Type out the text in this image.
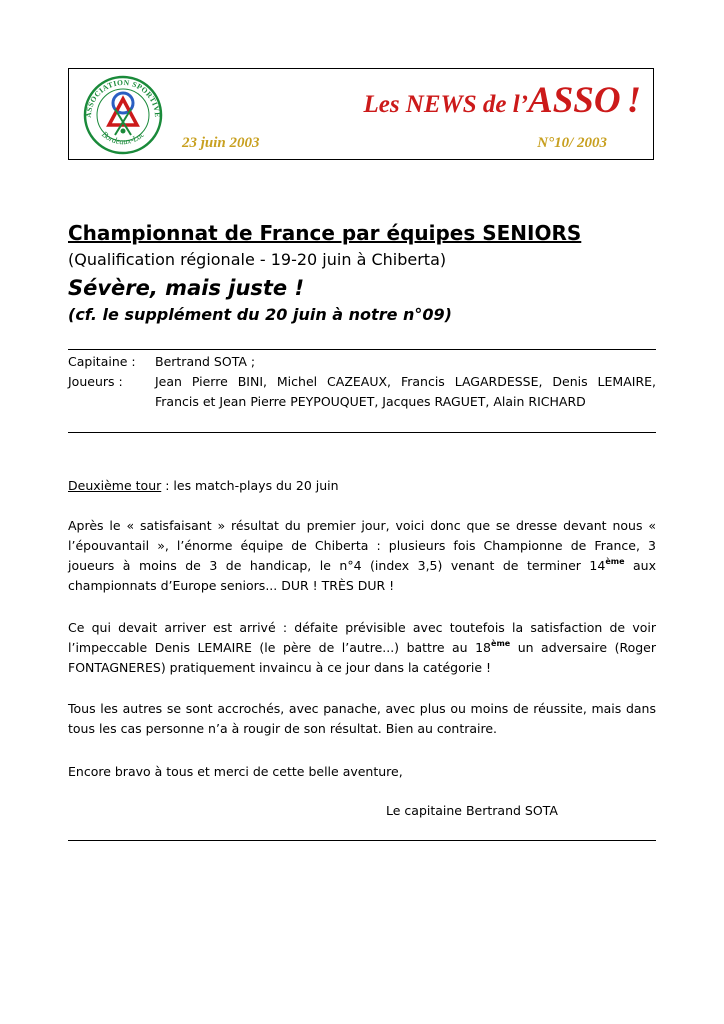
ASSOCIATION SPORTIVE
Bordeaux-Lac
Les NEWS de l’ASSO !
23 juin 2003	N°10/ 2003
Championnat de France par équipes SENIORS
(Qualification régionale - 19-20 juin à Chiberta)
Sévère, mais juste !
(cf. le supplément du 20 juin à notre n°09)
Capitaine :	Bertrand SOTA ;
Joueurs :	Jean Pierre BINI, Michel CAZEAUX, Francis LAGARDESSE, Denis LEMAIRE, Francis et Jean Pierre PEYPOUQUET, Jacques RAGUET, Alain RICHARD

Deuxième tour : les match-plays du 20 juin

Après le « satisfaisant » résultat du premier jour, voici donc que se dresse devant nous « l’épouvantail », l’énorme équipe de Chiberta : plusieurs fois Championne de France, 3 joueurs à moins de 3 de handicap, le n°4 (index 3,5) venant de terminer 14ème aux championnats d’Europe seniors... DUR ! TRÈS DUR !

Ce qui devait arriver est arrivé : défaite prévisible avec toutefois la satisfaction de voir l’impeccable Denis LEMAIRE (le père de l’autre...) battre au 18ème un adversaire (Roger FONTAGNERES) pratiquement invaincu à ce jour dans la catégorie !

Tous les autres se sont accrochés, avec panache, avec plus ou moins de réussite, mais dans tous les cas personne n’a à rougir de son résultat. Bien au contraire.

Encore bravo à tous et merci de cette belle aventure,

Le capitaine Bertrand SOTA
